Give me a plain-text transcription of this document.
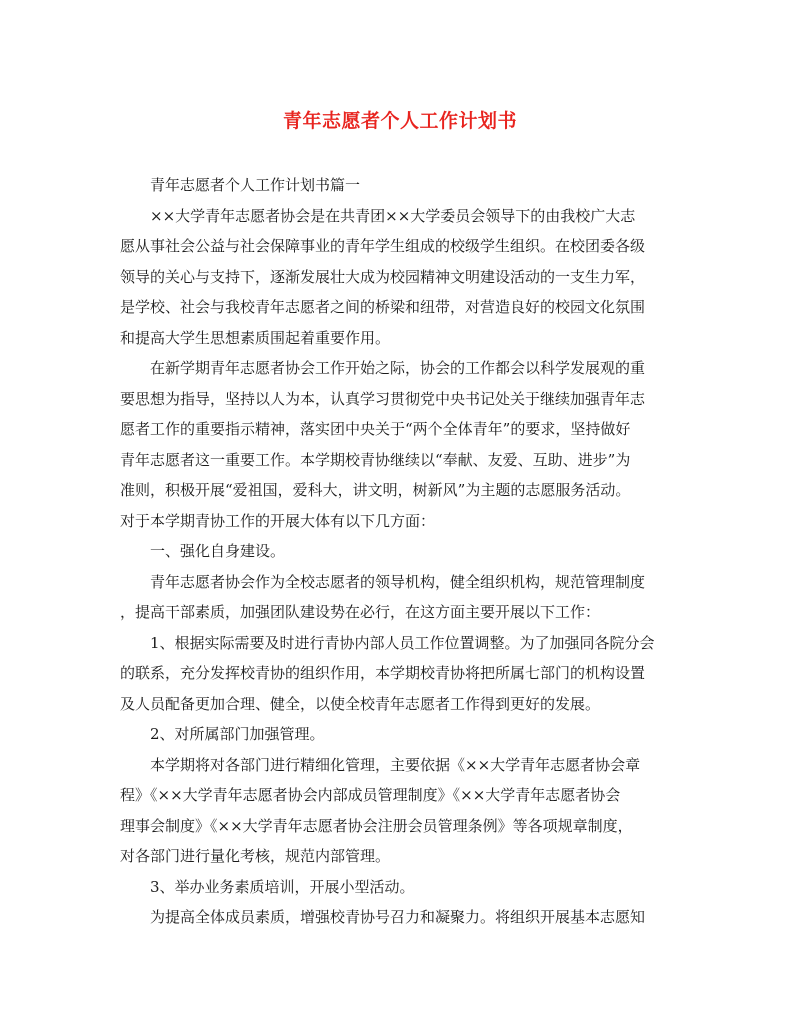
青年志愿者个人工作计划书
青年志愿者个人工作计划书篇一
××大学青年志愿者协会是在共青团××大学委员会领导下的由我校广大志
愿从事社会公益与社会保障事业的青年学生组成的校级学生组织。在校团委各级
领导的关心与支持下，逐渐发展壮大成为校园精神文明建设活动的一支生力军，
是学校、社会与我校青年志愿者之间的桥梁和纽带，对营造良好的校园文化氛围
和提高大学生思想素质围起着重要作用。
在新学期青年志愿者协会工作开始之际，协会的工作都会以科学发展观的重
要思想为指导，坚持以人为本，认真学习贯彻党中央书记处关于继续加强青年志
愿者工作的重要指示精神，落实团中央关于“两个全体青年”的要求，坚持做好
青年志愿者这一重要工作。本学期校青协继续以“奉献、友爱、互助、进步”为
准则，积极开展“爱祖国，爱科大，讲文明，树新风”为主题的志愿服务活动。
对于本学期青协工作的开展大体有以下几方面：
一、强化自身建设。
青年志愿者协会作为全校志愿者的领导机构，健全组织机构，规范管理制度
，提高干部素质，加强团队建设势在必行，在这方面主要开展以下工作：
1、根据实际需要及时进行青协内部人员工作位置调整。为了加强同各院分会
的联系，充分发挥校青协的组织作用，本学期校青协将把所属七部门的机构设置
及人员配备更加合理、健全，以使全校青年志愿者工作得到更好的发展。
2、对所属部门加强管理。
本学期将对各部门进行精细化管理，主要依据《××大学青年志愿者协会章
程》《××大学青年志愿者协会内部成员管理制度》《××大学青年志愿者协会
理事会制度》《××大学青年志愿者协会注册会员管理条例》等各项规章制度，
对各部门进行量化考核，规范内部管理。
3、举办业务素质培训，开展小型活动。
为提高全体成员素质，增强校青协号召力和凝聚力。将组织开展基本志愿知
